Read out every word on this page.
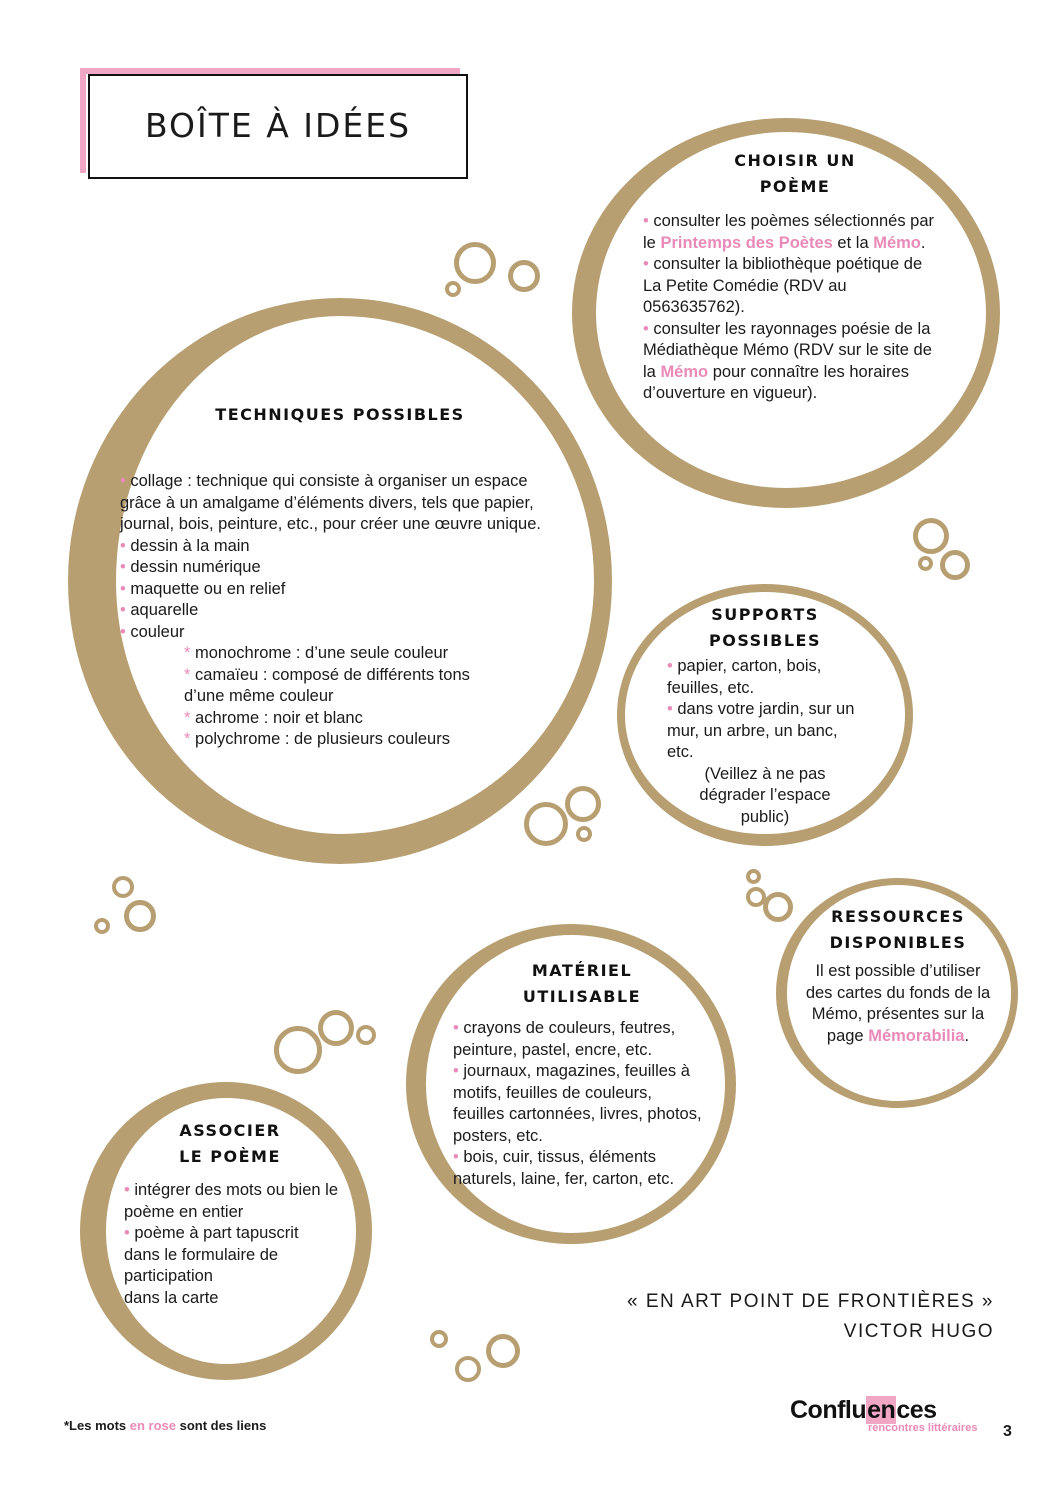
BOÎTE À IDÉES
CHOISIR UN
POÈME

• consulter les poèmes sélectionnés par le Printemps des Poètes et la Mémo.

• consulter la bibliothèque poétique de La Petite Comédie (RDV au 0563635762).

• consulter les rayonnages poésie de la Médiathèque Mémo (RDV sur le site de la Mémo pour connaître les horaires d’ouverture en vigueur).

TECHNIQUES POSSIBLES

• collage : technique qui consiste à organiser un espace grâce à un amalgame d’éléments divers, tels que papier, journal, bois, peinture, etc., pour créer une œuvre unique.

• dessin à la main

• dessin numérique

• maquette ou en relief

• aquarelle

• couleur

* monochrome : d’une seule couleur

* camaïeu : composé de différents tons d’une même couleur

* achrome : noir et blanc

* polychrome : de plusieurs couleurs

SUPPORTS
POSSIBLES

• papier, carton, bois, feuilles, etc.

• dans votre jardin, sur un mur, un arbre, un banc, etc.

(Veillez à ne pas dégrader l’espace public)

RESSOURCES
DISPONIBLES

Il est possible d’utiliser des cartes du fonds de la Mémo, présentes sur la page Mémorabilia.

MATÉRIEL
UTILISABLE

• crayons de couleurs, feutres, peinture, pastel, encre, etc.

• journaux, magazines, feuilles à motifs, feuilles de couleurs, feuilles cartonnées, livres, photos, posters, etc.

• bois, cuir, tissus, éléments naturels, laine, fer, carton, etc.

ASSOCIER
LE POÈME

• intégrer des mots ou bien le poème en entier

• poème à part tapuscrit

dans le formulaire de

participation

dans la carte	« EN ART POINT DE FRONTIÈRES »
VICTOR HUGO
*Les mots en rose sont des liens
Confluences
rencontres littéraires 3
